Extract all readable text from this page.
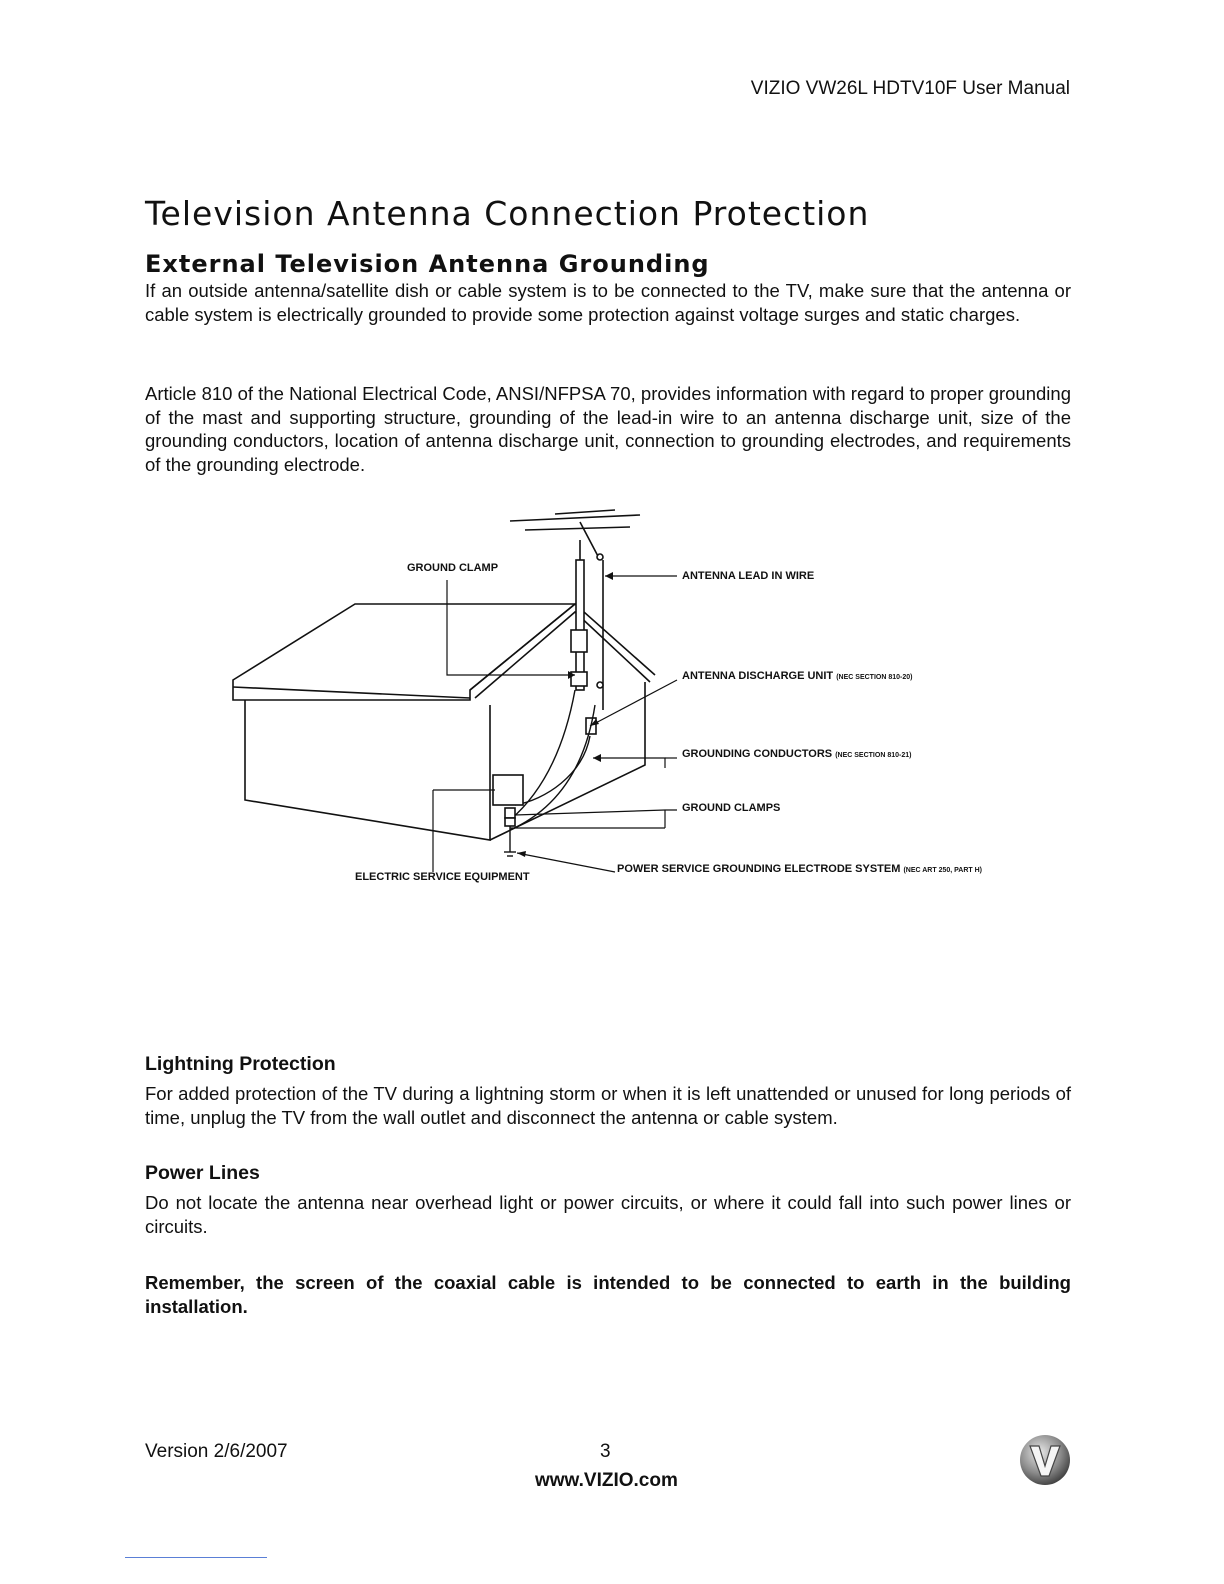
VIZIO VW26L HDTV10F User Manual
Television Antenna Connection Protection
External Television Antenna Grounding

If an outside antenna/satellite dish or cable system is to be connected to the TV, make sure that the antenna or cable system is electrically grounded to provide some protection against voltage surges and static charges.

Article 810 of the National Electrical Code, ANSI/NFPSA 70, provides information with regard to proper grounding of the mast and supporting structure, grounding of the lead-in wire to an antenna discharge unit, size of the grounding conductors, location of antenna discharge unit, connection to grounding electrodes, and requirements of the grounding electrode.

GROUND CLAMP
ANTENNA LEAD IN WIRE
ANTENNA DISCHARGE UNIT (NEC SECTION 810-20)
GROUNDING CONDUCTORS (NEC SECTION 810-21)
GROUND CLAMPS
ELECTRIC SERVICE EQUIPMENT
POWER SERVICE GROUNDING ELECTRODE SYSTEM (NEC ART 250, PART H)
Lightning Protection

For added protection of the TV during a lightning storm or when it is left unattended or unused for long periods of time, unplug the TV from the wall outlet and disconnect the antenna or cable system.

Power Lines

Do not locate the antenna near overhead light or power circuits, or where it could fall into such power lines or circuits.

Remember, the screen of the coaxial cable is intended to be connected to earth in the building installation.

Version 2/6/2007	3
www.VIZIO.com
